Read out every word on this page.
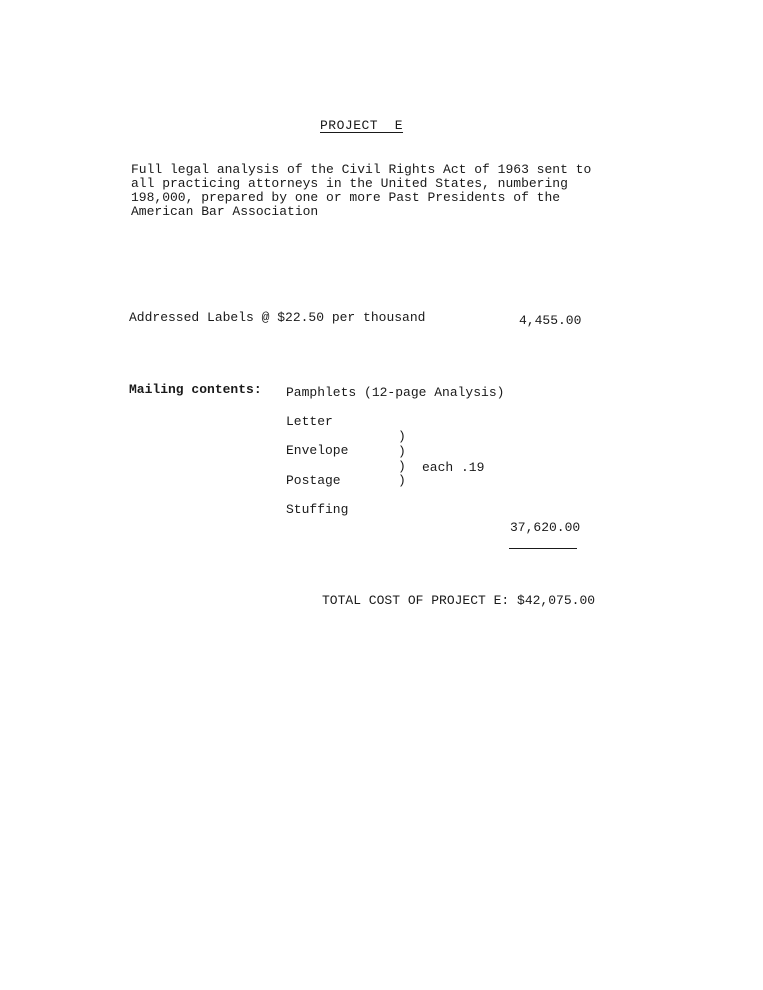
PROJECT  E
Full legal analysis of the Civil Rights Act of 1963 sent to
all practicing attorneys in the United States, numbering
198,000, prepared by one or more Past Presidents of the
American Bar Association
Addressed Labels @ $22.50 per thousand	4,455.00
Mailing contents: Pamphlets (12-page Analysis)
Letter
Envelope
Postage
Stuffing
)
)
)
)
each .19
37,620.00
TOTAL COST OF PROJECT E: $42,075.00
